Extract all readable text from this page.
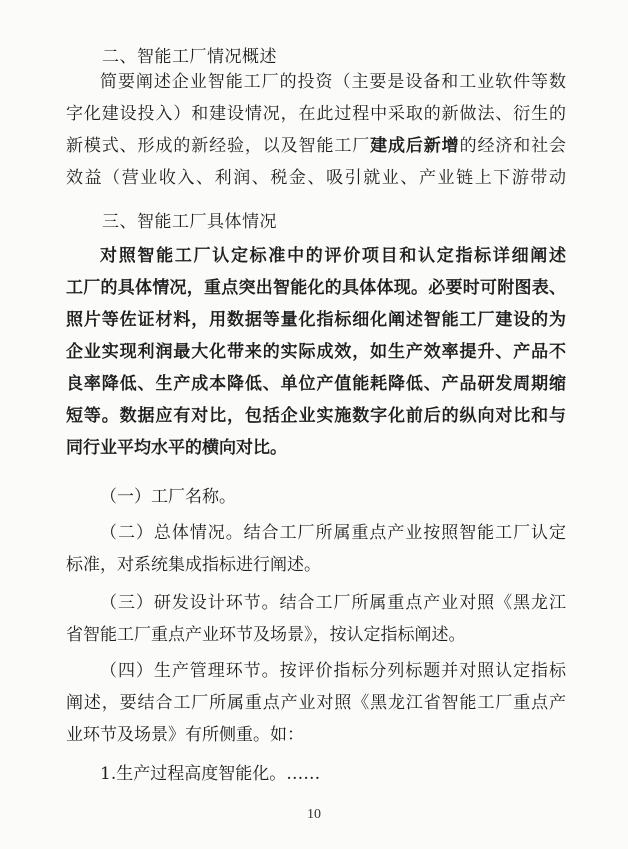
二、智能工厂情况概述
简要阐述企业智能工厂的投资（主要是设备和工业软件等数
字化建设投入）和建设情况，在此过程中采取的新做法、衍生的
新模式、形成的新经验，以及智能工厂建成后新增的经济和社会
效益（营业收入、利润、税金、吸引就业、产业链上下游带动
三、智能工厂具体情况
对照智能工厂认定标准中的评价项目和认定指标详细阐述
工厂的具体情况，重点突出智能化的具体体现。必要时可附图表、
照片等佐证材料，用数据等量化指标细化阐述智能工厂建设的为
企业实现利润最大化带来的实际成效，如生产效率提升、产品不
良率降低、生产成本降低、单位产值能耗降低、产品研发周期缩
短等。数据应有对比，包括企业实施数字化前后的纵向对比和与
同行业平均水平的横向对比。
（一）工厂名称。
（二）总体情况。结合工厂所属重点产业按照智能工厂认定
标准，对系统集成指标进行阐述。
（三）研发设计环节。结合工厂所属重点产业对照《黑龙江
省智能工厂重点产业环节及场景》，按认定指标阐述。
（四）生产管理环节。按评价指标分列标题并对照认定指标
阐述，要结合工厂所属重点产业对照《黑龙江省智能工厂重点产
业环节及场景》有所侧重。如：
1.生产过程高度智能化。……
10
